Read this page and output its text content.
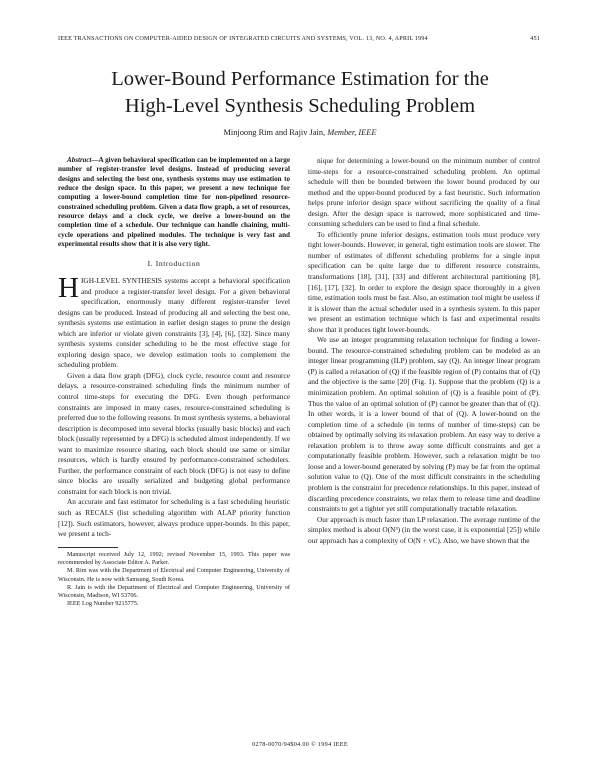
IEEE TRANSACTIONS ON COMPUTER-AIDED DESIGN OF INTEGRATED CIRCUITS AND SYSTEMS, VOL. 13, NO. 4, APRIL 1994	451
Lower-Bound Performance Estimation for the
High-Level Synthesis Scheduling Problem
Minjoong Rim and Rajiv Jain, Member, IEEE

Abstract—A given behavioral specification can be implemented on a large number of register-transfer level designs. Instead of producing several designs and selecting the best one, synthesis systems may use estimation to reduce the design space. In this paper, we present a new technique for computing a lower-bound completion time for non-pipelined resource-constrained scheduling problem. Given a data flow graph, a set of resources, resource delays and a clock cycle, we derive a lower-bound on the completion time of a schedule. Our technique can handle chaining, multi-cycle operations and pipelined modules. The technique is very fast and experimental results show that it is also very tight.

I. Introduction

HIGH-LEVEL SYNTHESIS systems accept a behavioral specification and produce a register-transfer level design. For a given behavioral specification, enormously many different register-transfer level designs can be produced. Instead of producing all and selecting the best one, synthesis systems use estimation in earlier design stages to prune the design which are inferior or violate given constraints [3], [4], [6], [32]. Since many synthesis systems consider scheduling to be the most effective stage for exploring design space, we develop estimation tools to complement the scheduling problem.

Given a data flow graph (DFG), clock cycle, resource count and resource delays, a resource-constrained scheduling finds the minimum number of control time-steps for executing the DFG. Even though performance constraints are imposed in many cases, resource-constrained scheduling is preferred due to the following reasons. In most synthesis systems, a behavioral description is decomposed into several blocks (usually basic blocks) and each block (usually represented by a DFG) is scheduled almost independently. If we want to maximize resource sharing, each block should use same or similar resources, which is hardly ensured by performance-constrained schedulers. Further, the performance constraint of each block (DFG) is not easy to define since blocks are usually serialized and budgeting global performance constraint for each block is non trivial.

An accurate and fast estimator for scheduling is a fast scheduling heuristic such as RECALS (list scheduling algorithm with ALAP priority function [12]). Such estimators, however, always produce upper-bounds. In this paper, we present a tech-

Manuscript received July 12, 1992; revised November 15, 1993. This paper was recommended by Associate Editor A. Parker.

M. Rim was with the Department of Electrical and Computer Engineering, University of Wisconsin. He is now with Samsung, South Korea.

R. Jain is with the Department of Electrical and Computer Engineering, University of Wisconsin, Madison, WI 53706.

IEEE Log Number 9215775.

nique for determining a lower-bound on the minimum number of control time-steps for a resource-constrained scheduling problem. An optimal schedule will then be bounded between the lower bound produced by our method and the upper-bound produced by a fast heuristic. Such information helps prune inferior design space without sacrificing the quality of a final design. After the design space is narrowed, more sophisticated and time-consuming schedulers can be used to find a final schedule.

To efficiently prune inferior designs, estimation tools must produce very tight lower-bounds. However, in general, tight estimation tools are slower. The number of estimates of different scheduling problems for a single input specification can be quite large due to different resource constraints, transformations [18], [31], [33] and different architectural partitioning [8], [16], [17], [32]. In order to explore the design space thoroughly in a given time, estimation tools must be fast. Also, an estimation tool might be useless if it is slower than the actual scheduler used in a synthesis system. In this paper we present an estimation technique which is fast and experimental results show that it produces tight lower-bounds.

We use an integer programming relaxation technique for finding a lower-bound. The resource-constrained scheduling problem can be modeled as an integer linear programming (ILP) problem, say (Q). An integer linear program (P) is called a relaxation of (Q) if the feasible region of (P) contains that of (Q) and the objective is the same [20] (Fig. 1). Suppose that the problem (Q) is a minimization problem. An optimal solution of (Q) is a feasible point of (P). Thus the value of an optimal solution of (P) cannot be greater than that of (Q). In other words, it is a lower bound of that of (Q). A lower-bound on the completion time of a schedule (in terms of number of time-steps) can be obtained by optimally solving its relaxation problem. An easy way to derive a relaxation problem is to throw away some difficult constraints and get a computationally feasible problem. However, such a relaxation might be too loose and a lower-bound generated by solving (P) may be far from the optimal solution value to (Q). One of the most difficult constraints in the scheduling problem is the constraint for precedence relationships. In this paper, instead of discarding precedence constraints, we relax them to release time and deadline constraints to get a tighter yet still computationally tractable relaxation.

Our approach is much faster than LP relaxation. The average runtime of the simplex method is about O(N³) (in the worst case, it is exponential [25]) while our approach has a complexity of O(N + vC). Also, we have shown that the

0278-0070/94$04.00 © 1994 IEEE
